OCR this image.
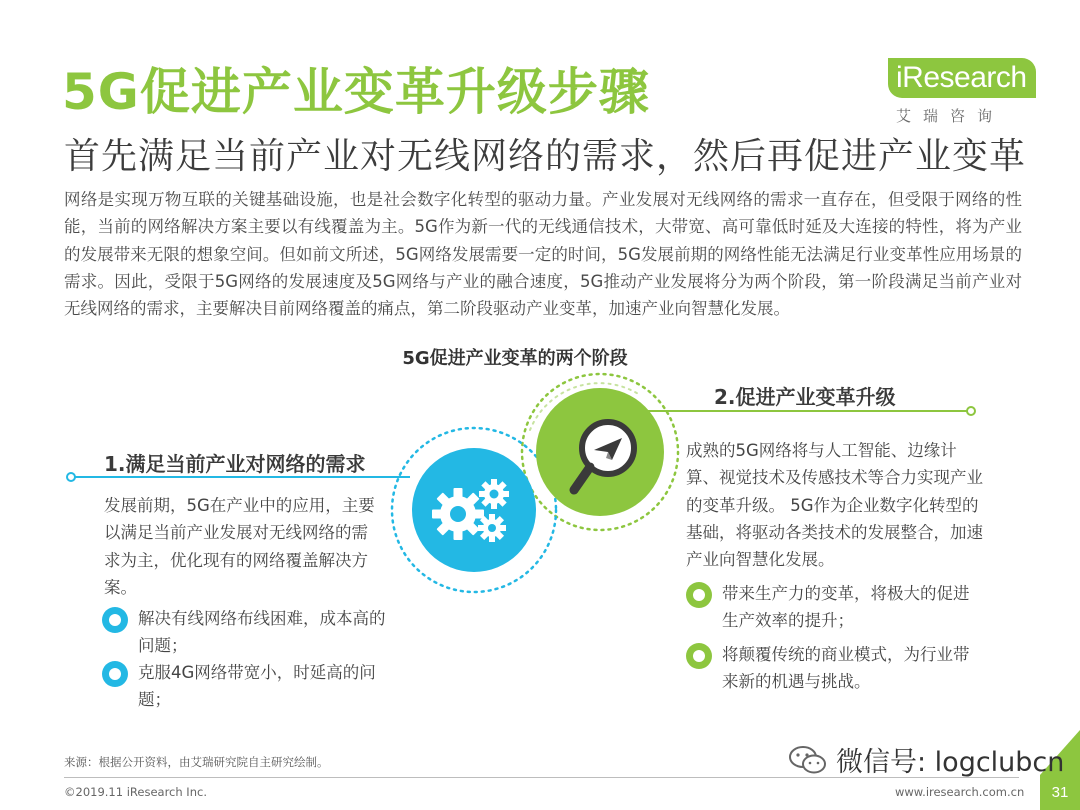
5G促进产业变革升级步骤
首先满足当前产业对无线网络的需求，然后再促进产业变革
iResearch
艾瑞咨询
网络是实现万物互联的关键基础设施，也是社会数字化转型的驱动力量。产业发展对无线网络的需求一直存在，但受限于网络的性能，当前的网络解决方案主要以有线覆盖为主。5G作为新一代的无线通信技术，大带宽、高可靠低时延及大连接的特性，将为产业的发展带来无限的想象空间。但如前文所述，5G网络发展需要一定的时间，5G发展前期的网络性能无法满足行业变革性应用场景的需求。因此，受限于5G网络的发展速度及5G网络与产业的融合速度，5G推动产业发展将分为两个阶段，第一阶段满足当前产业对无线网络的需求，主要解决目前网络覆盖的痛点，第二阶段驱动产业变革，加速产业向智慧化发展。
5G促进产业变革的两个阶段
1.满足当前产业对网络的需求
发展前期，5G在产业中的应用，主要以满足当前产业发展对无线网络的需求为主，优化现有的网络覆盖解决方案。
解决有线网络布线困难，成本高的问题；
克服4G网络带宽小，时延高的问题；
2.促进产业变革升级
成熟的5G网络将与人工智能、边缘计算、视觉技术及传感技术等合力实现产业的变革升级。 5G作为企业数字化转型的基础，将驱动各类技术的发展整合，加速产业向智慧化发展。
带来生产力的变革，将极大的促进生产效率的提升；
将颠覆传统的商业模式，为行业带来新的机遇与挑战。
来源：根据公开资料，由艾瑞研究院自主研究绘制。
©2019.11 iResearch Inc.	www.iresearch.com.cn	31
微信号: logclubcn
